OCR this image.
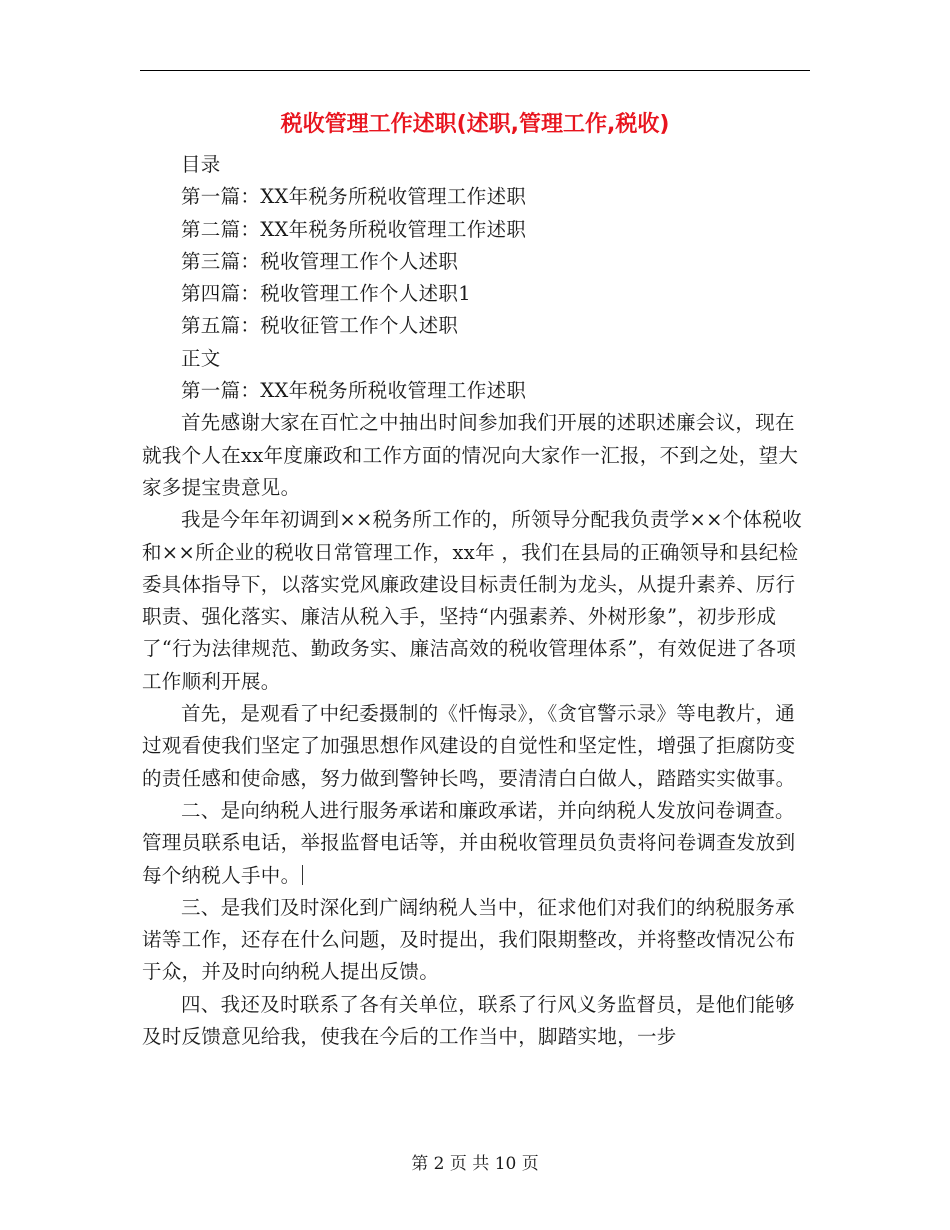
税收管理工作述职(述职,管理工作,税收)

目录

第一篇：XX年税务所税收管理工作述职

第二篇：XX年税务所税收管理工作述职

第三篇：税收管理工作个人述职

第四篇：税收管理工作个人述职1

第五篇：税收征管工作个人述职

正文

第一篇：XX年税务所税收管理工作述职

首先感谢大家在百忙之中抽出时间参加我们开展的述职述廉会议，现在就我个人在xx年度廉政和工作方面的情况向大家作一汇报，不到之处，望大家多提宝贵意见。

我是今年年初调到××税务所工作的，所领导分配我负责学××个体税收和××所企业的税收日常管理工作，xx年 ，我们在县局的正确领导和县纪检委具体指导下，以落实党风廉政建设目标责任制为龙头，从提升素养、厉行职责、强化落实、廉洁从税入手，坚持“内强素养、外树形象”，初步形成了“行为法律规范、勤政务实、廉洁高效的税收管理体系”，有效促进了各项工作顺利开展。

首先，是观看了中纪委摄制的《忏悔录》，《贪官警示录》等电教片，通过观看使我们坚定了加强思想作风建设的自觉性和坚定性，增强了拒腐防变的责任感和使命感，努力做到警钟长鸣，要清清白白做人，踏踏实实做事。

二、是向纳税人进行服务承诺和廉政承诺，并向纳税人发放问卷调查。管理员联系电话，举报监督电话等，并由税收管理员负责将问卷调查发放到每个纳税人手中。

三、是我们及时深化到广阔纳税人当中，征求他们对我们的纳税服务承诺等工作，还存在什么问题，及时提出，我们限期整改，并将整改情况公布于众，并及时向纳税人提出反馈。

四、我还及时联系了各有关单位，联系了行风义务监督员，是他们能够及时反馈意见给我，使我在今后的工作当中，脚踏实地，一步

第 2 页 共 10 页
